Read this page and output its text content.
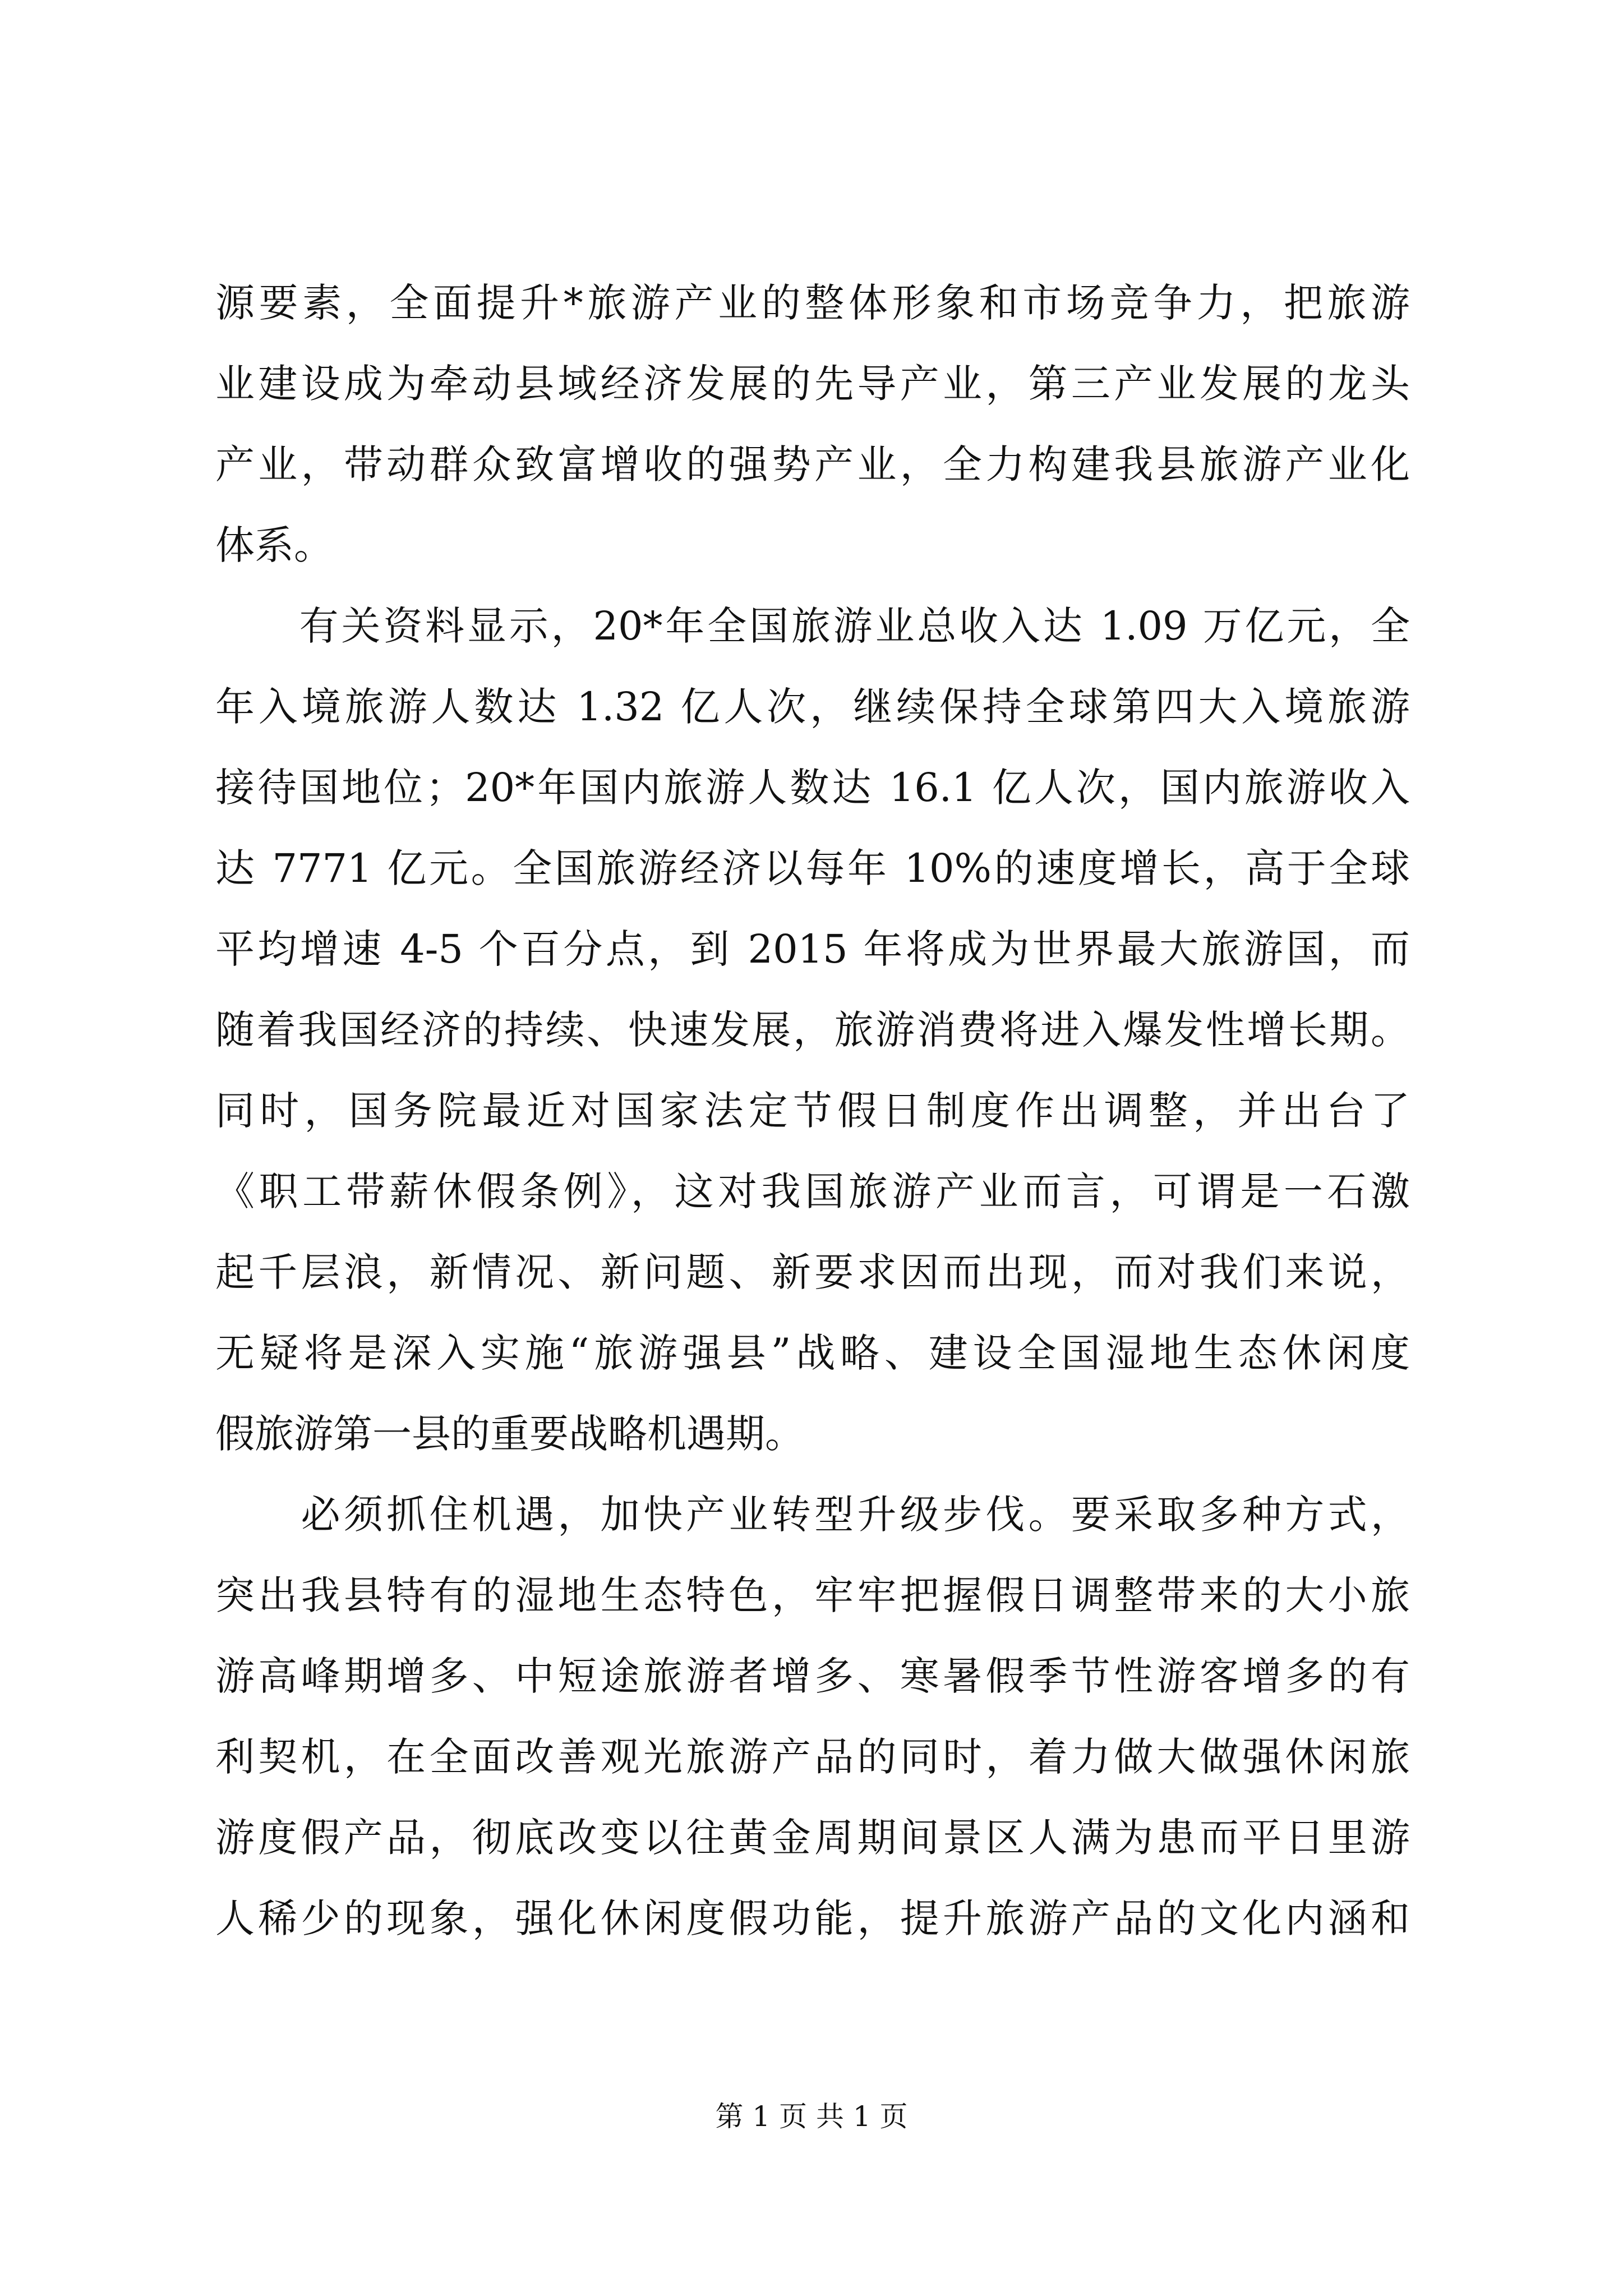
源要素，全面提升*旅游产业的整体形象和市场竞争力，把旅游
业建设成为牵动县域经济发展的先导产业，第三产业发展的龙头
产业，带动群众致富增收的强势产业，全力构建我县旅游产业化
体系。
　　有关资料显示，20*年全国旅游业总收入达 1.09 万亿元，全
年入境旅游人数达 1.32 亿人次，继续保持全球第四大入境旅游
接待国地位；20*年国内旅游人数达 16.1 亿人次，国内旅游收入
达 7771 亿元。全国旅游经济以每年 10%的速度增长，高于全球
平均增速 4-5 个百分点，到 2015 年将成为世界最大旅游国，而
随着我国经济的持续、快速发展，旅游消费将进入爆发性增长期。
同时，国务院最近对国家法定节假日制度作出调整，并出台了
《职工带薪休假条例》，这对我国旅游产业而言，可谓是一石激
起千层浪，新情况、新问题、新要求因而出现，而对我们来说，
无疑将是深入实施“旅游强县”战略、建设全国湿地生态休闲度
假旅游第一县的重要战略机遇期。
　　必须抓住机遇，加快产业转型升级步伐。要采取多种方式，
突出我县特有的湿地生态特色，牢牢把握假日调整带来的大小旅
游高峰期增多、中短途旅游者增多、寒暑假季节性游客增多的有
利契机，在全面改善观光旅游产品的同时，着力做大做强休闲旅
游度假产品，彻底改变以往黄金周期间景区人满为患而平日里游
人稀少的现象，强化休闲度假功能，提升旅游产品的文化内涵和
第 1 页 共 1 页
